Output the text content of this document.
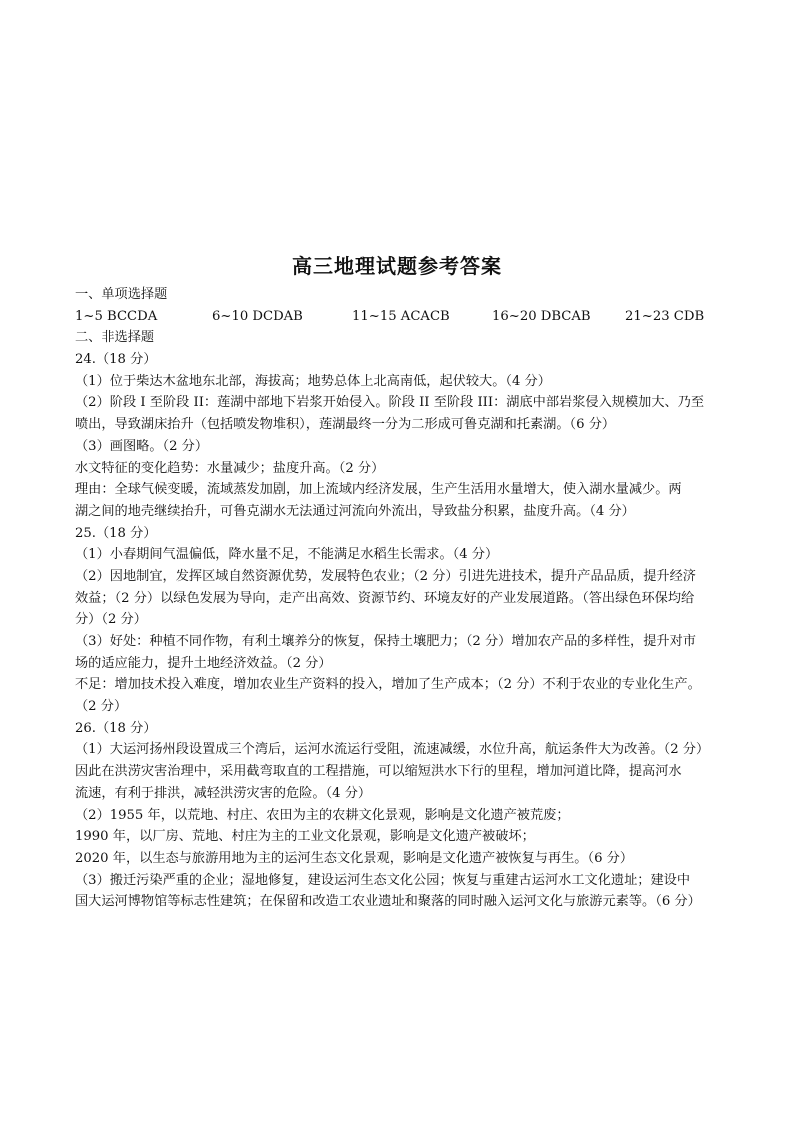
高三地理试题参考答案
一、单项选择题
1~5 BCCDA	6~10 DCDAB	11~15 ACACB	16~20 DBCAB	21~23 CDB
二、非选择题
24.（18 分）
（1）位于柴达木盆地东北部，海拔高；地势总体上北高南低，起伏较大。（4 分）
（2）阶段 I 至阶段 II：莲湖中部地下岩浆开始侵入。阶段 II 至阶段 III：湖底中部岩浆侵入规模加大、乃至
喷出，导致湖床抬升（包括喷发物堆积），莲湖最终一分为二形成可鲁克湖和托素湖。（6 分）
（3）画图略。（2 分）
水文特征的变化趋势：水量减少；盐度升高。（2 分）
理由：全球气候变暖，流域蒸发加剧，加上流域内经济发展，生产生活用水量增大，使入湖水量减少。两
湖之间的地壳继续抬升，可鲁克湖水无法通过河流向外流出，导致盐分积累，盐度升高。（4 分）
25.（18 分）
（1）小春期间气温偏低，降水量不足，不能满足水稻生长需求。（4 分）
（2）因地制宜，发挥区域自然资源优势，发展特色农业；（2 分）引进先进技术，提升产品品质，提升经济
效益；（2 分）以绿色发展为导向，走产出高效、资源节约、环境友好的产业发展道路。（答出绿色环保均给
分）（2 分）
（3）好处：种植不同作物，有利土壤养分的恢复，保持土壤肥力；（2 分）增加农产品的多样性，提升对市
场的适应能力，提升土地经济效益。（2 分）
不足：增加技术投入难度，增加农业生产资料的投入，增加了生产成本；（2 分）不利于农业的专业化生产。
（2 分）
26.（18 分）
（1）大运河扬州段设置成三个湾后，运河水流运行受阻，流速减缓，水位升高，航运条件大为改善。（2 分）
因此在洪涝灾害治理中，采用截弯取直的工程措施，可以缩短洪水下行的里程，增加河道比降，提高河水
流速，有利于排洪，减轻洪涝灾害的危险。（4 分）
（2）1955 年，以荒地、村庄、农田为主的农耕文化景观，影响是文化遗产被荒废；
1990 年，以厂房、荒地、村庄为主的工业文化景观，影响是文化遗产被破坏；
2020 年，以生态与旅游用地为主的运河生态文化景观，影响是文化遗产被恢复与再生。（6 分）
（3）搬迁污染严重的企业；湿地修复，建设运河生态文化公园；恢复与重建古运河水工文化遗址；建设中
国大运河博物馆等标志性建筑；在保留和改造工农业遗址和聚落的同时融入运河文化与旅游元素等。（6 分）
